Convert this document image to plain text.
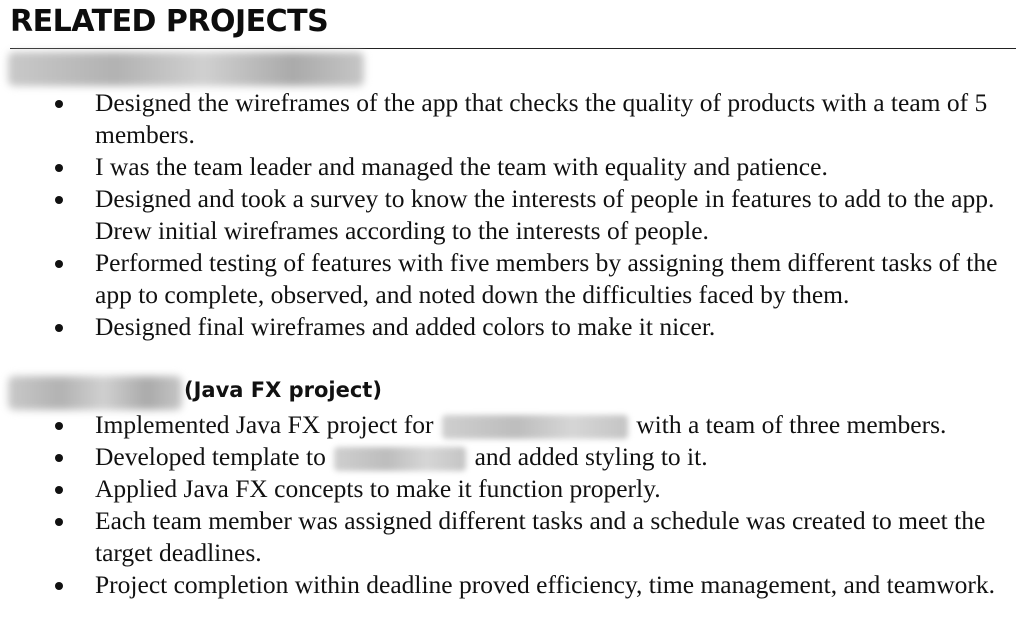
RELATED PROJECTS
Designed the wireframes of the app that checks the quality of products with a team of 5 members.
I was the team leader and managed the team with equality and patience.
Designed and took a survey to know the interests of people in features to add to the app. Drew initial wireframes according to the interests of people.
Performed testing of features with five members by assigning them different tasks of the app to complete, observed, and noted down the difficulties faced by them.
Designed final wireframes and added colors to make it nicer.
(Java FX project)
Implemented Java FX project for	with a team of three members.
Developed template to	and added styling to it.
Applied Java FX concepts to make it function properly.
Each team member was assigned different tasks and a schedule was created to meet the target deadlines.
Project completion within deadline proved efficiency, time management, and teamwork.
